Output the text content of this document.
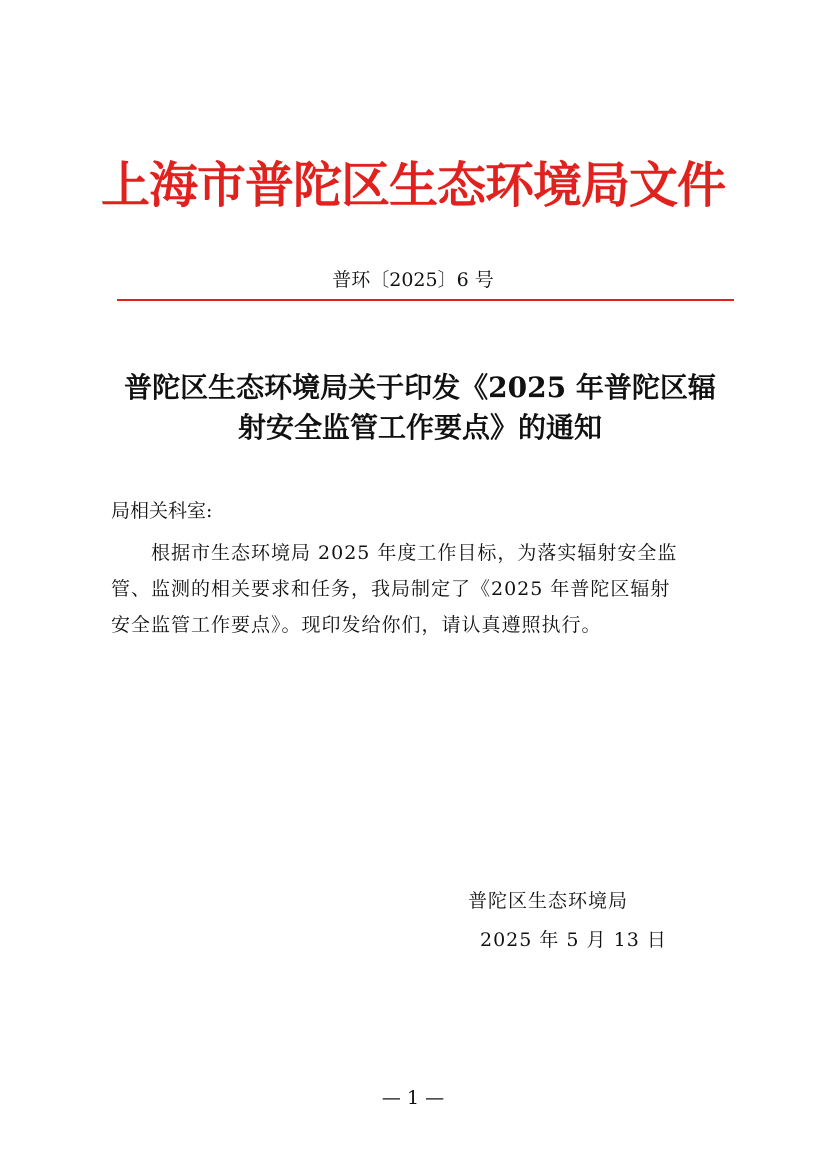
上海市普陀区生态环境局文件
普环〔2025〕6 号
普陀区生态环境局关于印发《2025 年普陀区辐
射安全监管工作要点》的通知
局相关科室:
根据市生态环境局 2025 年度工作目标，为落实辐射安全监
管、监测的相关要求和任务，我局制定了《2025 年普陀区辐射
安全监管工作要点》。现印发给你们，请认真遵照执行。
普陀区生态环境局
2025 年 5 月 13 日
— 1 —
